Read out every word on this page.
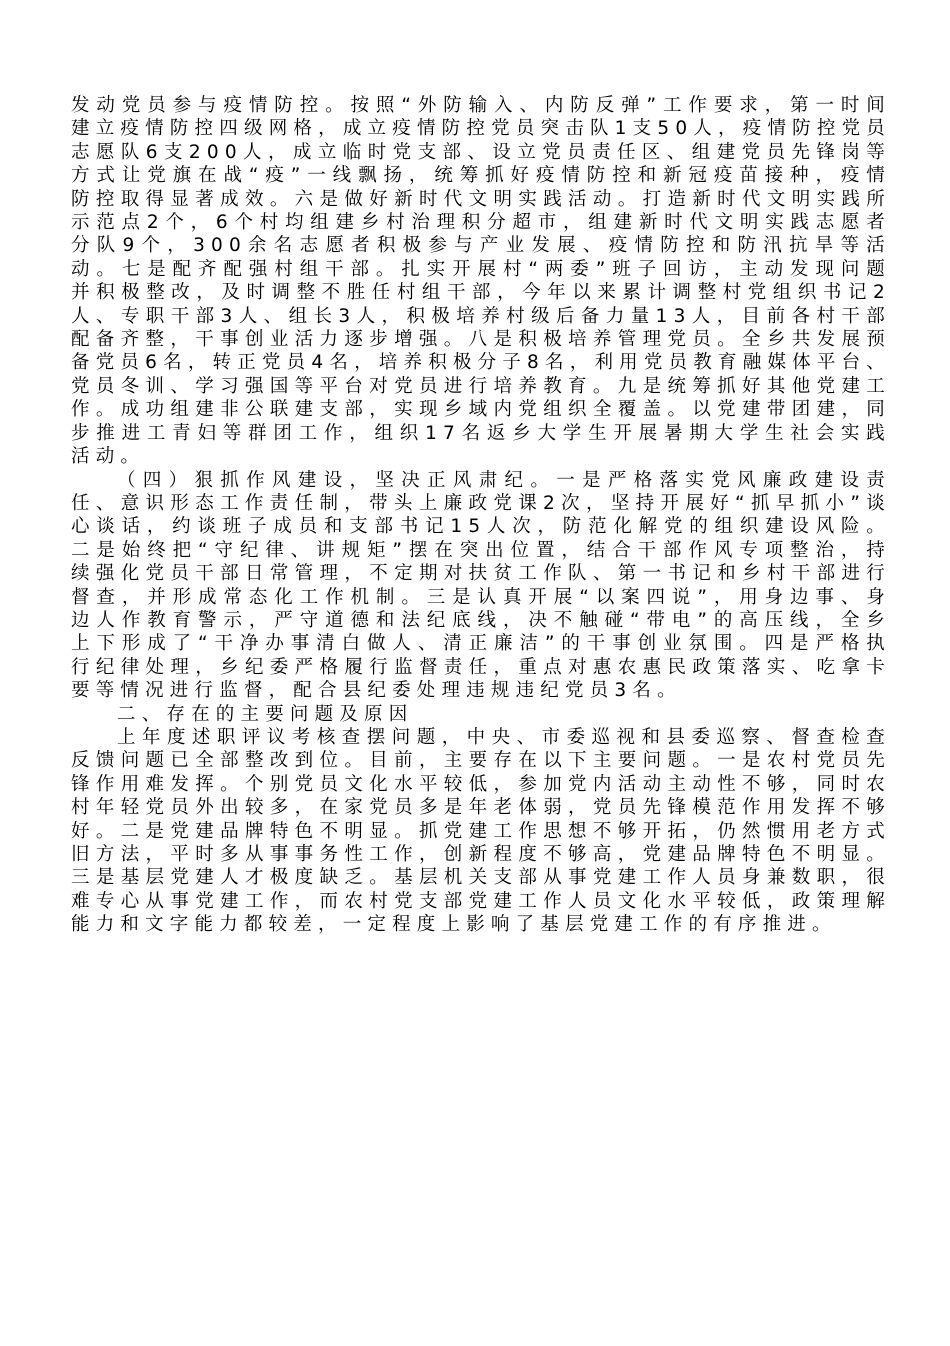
发动党员参与疫情防控。按照“外防输入、内防反弹”工作要求，第一时间建立疫情防控四级网格，成立疫情防控党员突击队1支50人，疫情防控党员志愿队6支200人，成立临时党支部、设立党员责任区、组建党员先锋岗等方式让党旗在战“疫”一线飘扬，统筹抓好疫情防控和新冠疫苗接种，疫情防控取得显著成效。六是做好新时代文明实践活动。打造新时代文明实践所示范点2个，6个村均组建乡村治理积分超市，组建新时代文明实践志愿者分队9个，300余名志愿者积极参与产业发展、疫情防控和防汛抗旱等活动。七是配齐配强村组干部。扎实开展村“两委”班子回访，主动发现问题并积极整改，及时调整不胜任村组干部，今年以来累计调整村党组织书记2人、专职干部3人、组长3人，积极培养村级后备力量13人，目前各村干部配备齐整，干事创业活力逐步增强。八是积极培养管理党员。全乡共发展预备党员6名，转正党员4名，培养积极分子8名，利用党员教育融媒体平台、党员冬训、学习强国等平台对党员进行培养教育。九是统筹抓好其他党建工作。成功组建非公联建支部，实现乡域内党组织全覆盖。以党建带团建，同步推进工青妇等群团工作，组织17名返乡大学生开展暑期大学生社会实践活动。

（四）狠抓作风建设，坚决正风肃纪。一是严格落实党风廉政建设责任、意识形态工作责任制，带头上廉政党课2次，坚持开展好“抓早抓小”谈心谈话，约谈班子成员和支部书记15人次，防范化解党的组织建设风险。二是始终把“守纪律、讲规矩”摆在突出位置，结合干部作风专项整治，持续强化党员干部日常管理，不定期对扶贫工作队、第一书记和乡村干部进行督查，并形成常态化工作机制。三是认真开展“以案四说”，用身边事、身边人作教育警示，严守道德和法纪底线，决不触碰“带电”的高压线，全乡上下形成了“干净办事清白做人、清正廉洁”的干事创业氛围。四是严格执行纪律处理，乡纪委严格履行监督责任，重点对惠农惠民政策落实、吃拿卡要等情况进行监督，配合县纪委处理违规违纪党员3名。

二、存在的主要问题及原因

上年度述职评议考核查摆问题，中央、市委巡视和县委巡察、督查检查反馈问题已全部整改到位。目前，主要存在以下主要问题。一是农村党员先锋作用难发挥。个别党员文化水平较低，参加党内活动主动性不够，同时农村年轻党员外出较多，在家党员多是年老体弱，党员先锋模范作用发挥不够好。二是党建品牌特色不明显。抓党建工作思想不够开拓，仍然惯用老方式旧方法，平时多从事事务性工作，创新程度不够高，党建品牌特色不明显。三是基层党建人才极度缺乏。基层机关支部从事党建工作人员身兼数职，很难专心从事党建工作，而农村党支部党建工作人员文化水平较低，政策理解能力和文字能力都较差，一定程度上影响了基层党建工作的有序推进。
